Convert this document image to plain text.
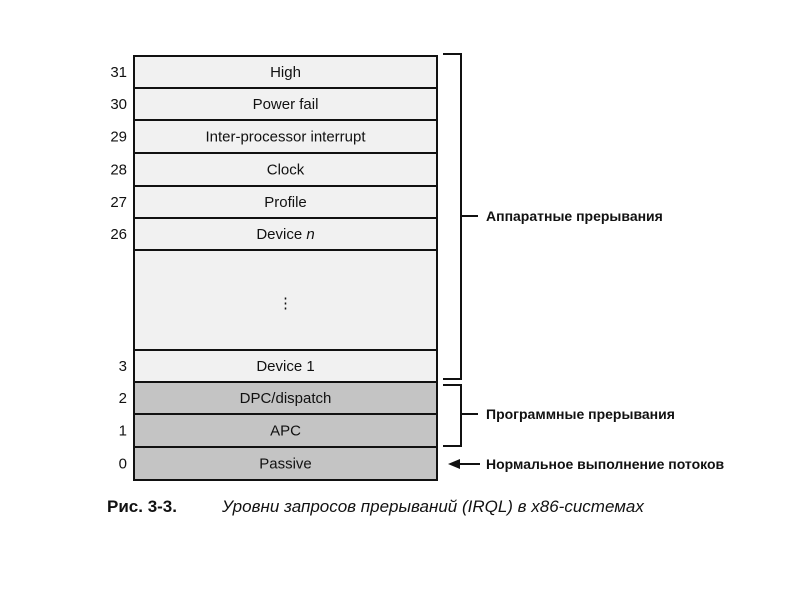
31	High
30	Power fail
29	Inter-processor interrupt
28	Clock
27	Profile
26	Device n
⋮
3	Device 1
2	DPC/dispatch
1	APC
0	Passive
Аппаратные прерывания
Программные прерывания
Нормальное выполнение потоков
Рис. 3-3.	Уровни запросов прерываний (IRQL) в x86-системах
